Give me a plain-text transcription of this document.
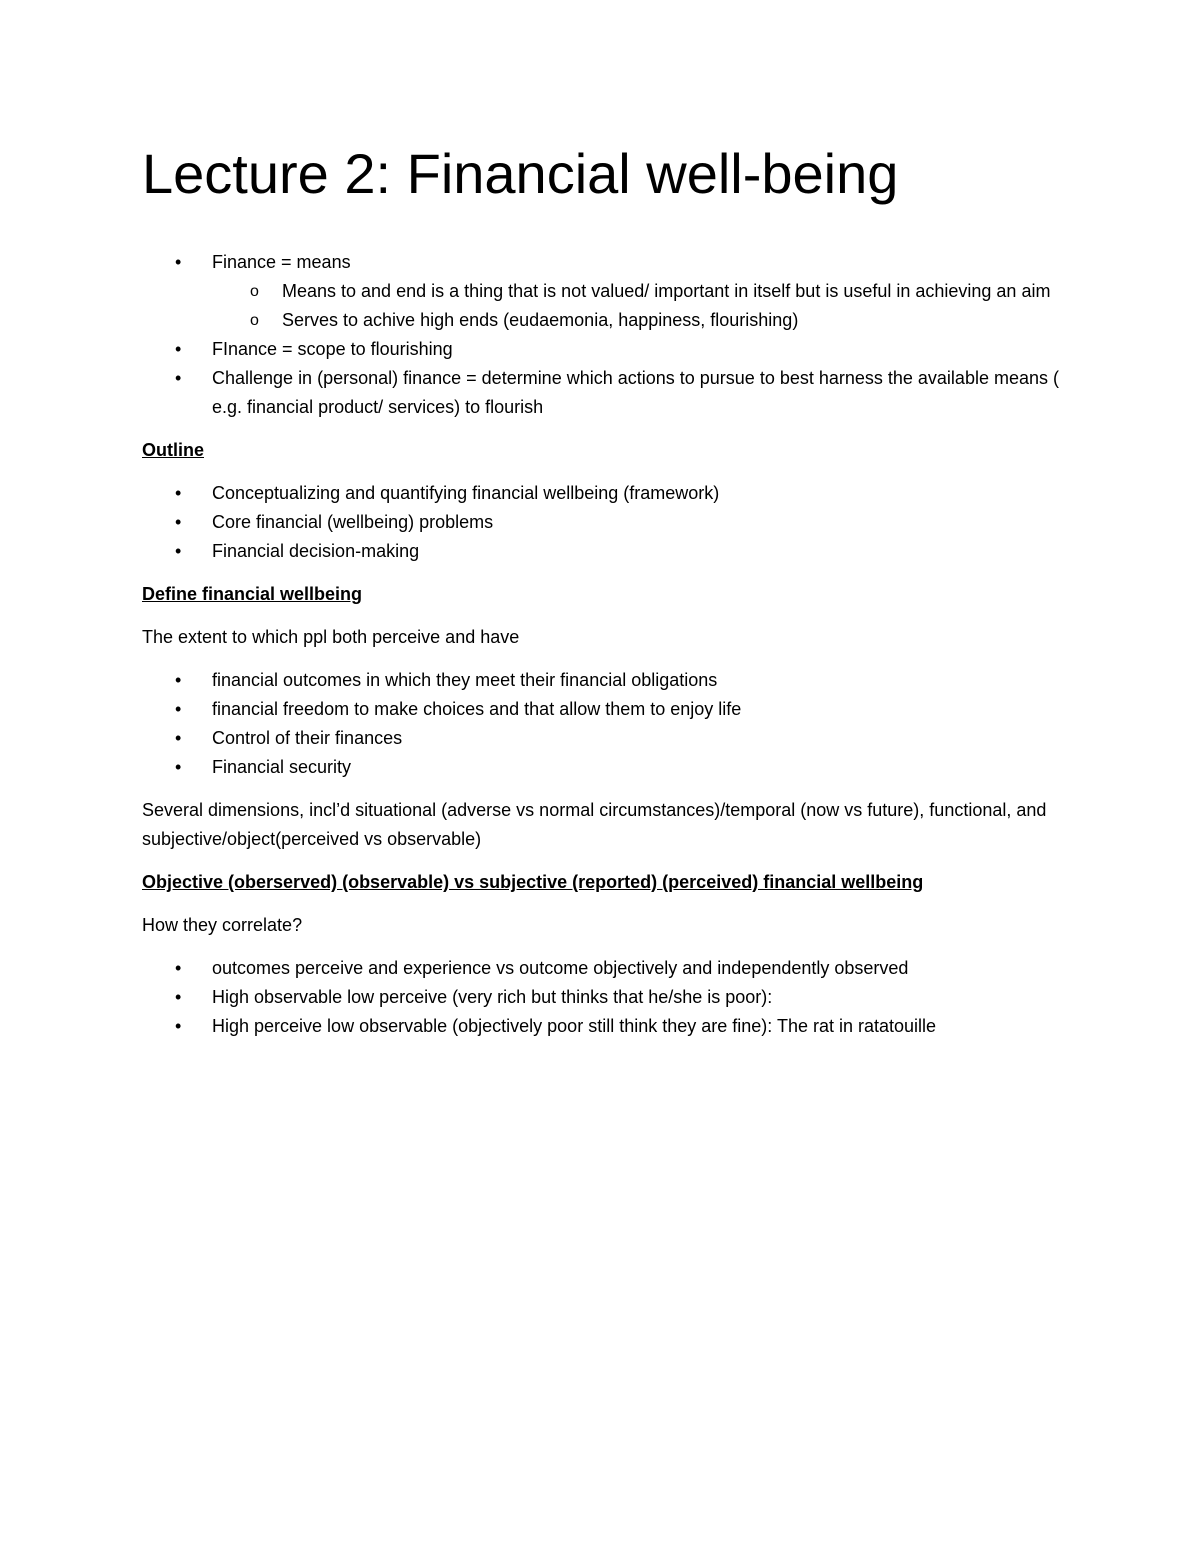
Lecture 2: Financial well-being
• Finance = means
o Means to and end is a thing that is not valued/ important in itself but is useful in achieving an aim
o Serves to achive high ends (eudaemonia, happiness, flourishing)
• FInance = scope to flourishing
• Challenge in (personal) finance = determine which actions to pursue to best harness the available means ( e.g. financial product/ services) to flourish
Outline
• Conceptualizing and quantifying financial wellbeing (framework)
• Core financial (wellbeing) problems
• Financial decision-making
Define financial wellbeing
The extent to which ppl both perceive and have
• financial outcomes in which they meet their financial obligations
• financial freedom to make choices and that allow them to enjoy life
• Control of their finances
• Financial security
Several dimensions, incl’d situational (adverse vs normal circumstances)/temporal (now vs future), functional, and subjective/object(perceived vs observable)
Objective (oberserved) (observable) vs subjective (reported) (perceived) financial wellbeing
How they correlate?
• outcomes perceive and experience vs outcome objectively and independently observed
• High observable low perceive (very rich but thinks that he/she is poor):
• High perceive low observable (objectively poor still think they are fine): The rat in ratatouille
